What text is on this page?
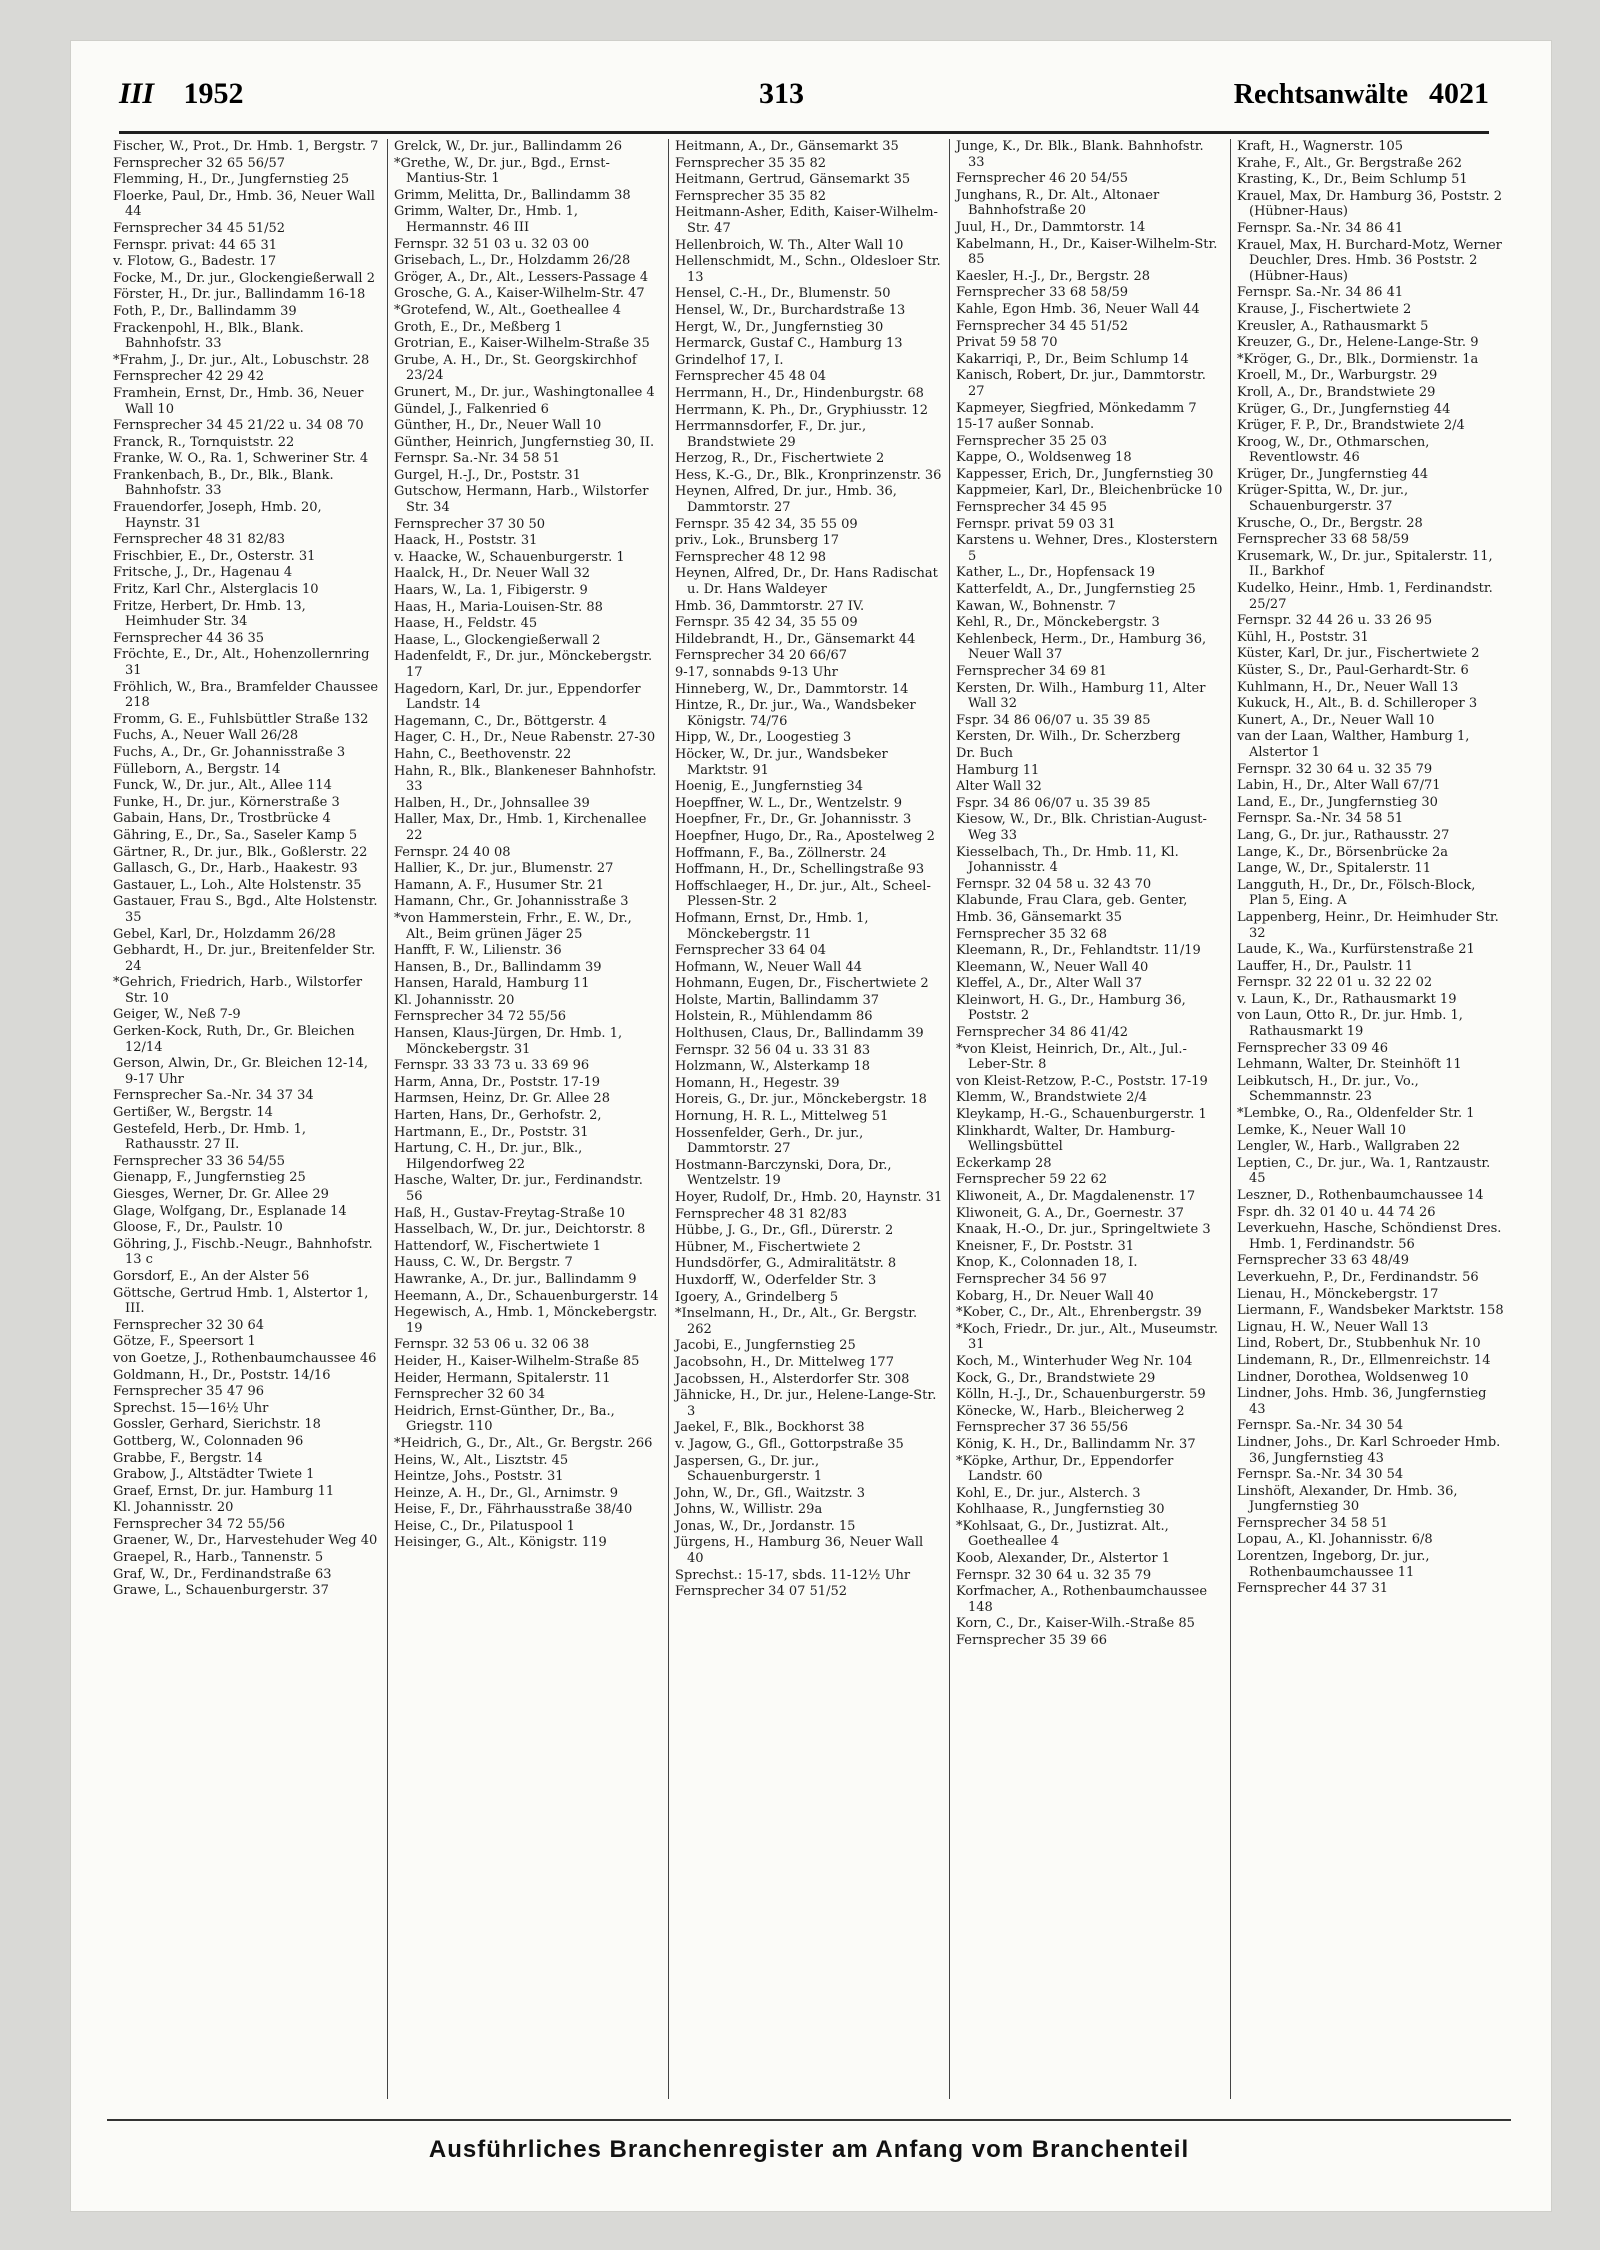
III 1952	313	Rechtsanwälte 4021
Fischer, W., Prot., Dr. Hmb. 1, Bergstr. 7
Fernsprecher 32 65 56/57
Flemming, H., Dr., Jungfernstieg 25
Floerke, Paul, Dr., Hmb. 36, Neuer Wall 44
Fernsprecher 34 45 51/52
Fernspr. privat: 44 65 31
v. Flotow, G., Badestr. 17
Focke, M., Dr. jur., Glockengießerwall 2
Förster, H., Dr. jur., Ballindamm 16-18
Foth, P., Dr., Ballindamm 39
Frackenpohl, H., Blk., Blank. Bahnhofstr. 33
*Frahm, J., Dr. jur., Alt., Lobuschstr. 28
Fernsprecher 42 29 42
Framhein, Ernst, Dr., Hmb. 36, Neuer Wall 10
Fernsprecher 34 45 21/22 u. 34 08 70
Franck, R., Tornquiststr. 22
Franke, W. O., Ra. 1, Schweriner Str. 4
Frankenbach, B., Dr., Blk., Blank. Bahnhofstr. 33
Frauendorfer, Joseph, Hmb. 20, Haynstr. 31
Fernsprecher 48 31 82/83
Frischbier, E., Dr., Osterstr. 31
Fritsche, J., Dr., Hagenau 4
Fritz, Karl Chr., Alsterglacis 10
Fritze, Herbert, Dr. Hmb. 13, Heimhuder Str. 34
Fernsprecher 44 36 35
Fröchte, E., Dr., Alt., Hohenzollernring 31
Fröhlich, W., Bra., Bramfelder Chaussee 218
Fromm, G. E., Fuhlsbüttler Straße 132
Fuchs, A., Neuer Wall 26/28
Fuchs, A., Dr., Gr. Johannisstraße 3
Fülleborn, A., Bergstr. 14
Funck, W., Dr. jur., Alt., Allee 114
Funke, H., Dr. jur., Körnerstraße 3
Gabain, Hans, Dr., Trostbrücke 4
Gähring, E., Dr., Sa., Saseler Kamp 5
Gärtner, R., Dr. jur., Blk., Goßlerstr. 22
Gallasch, G., Dr., Harb., Haakestr. 93
Gastauer, L., Loh., Alte Holstenstr. 35
Gastauer, Frau S., Bgd., Alte Holstenstr. 35
Gebel, Karl, Dr., Holzdamm 26/28
Gebhardt, H., Dr. jur., Breitenfelder Str. 24
*Gehrich, Friedrich, Harb., Wilstorfer Str. 10
Geiger, W., Neß 7-9
Gerken-Kock, Ruth, Dr., Gr. Bleichen 12/14
Gerson, Alwin, Dr., Gr. Bleichen 12-14, 9-17 Uhr
Fernsprecher Sa.-Nr. 34 37 34
Gertißer, W., Bergstr. 14
Gestefeld, Herb., Dr. Hmb. 1, Rathausstr. 27 II.
Fernsprecher 33 36 54/55
Gienapp, F., Jungfernstieg 25
Giesges, Werner, Dr. Gr. Allee 29
Glage, Wolfgang, Dr., Esplanade 14
Gloose, F., Dr., Paulstr. 10
Göhring, J., Fischb.-Neugr., Bahnhofstr. 13 c
Gorsdorf, E., An der Alster 56
Göttsche, Gertrud Hmb. 1, Alstertor 1, III.
Fernsprecher 32 30 64
Götze, F., Speersort 1
von Goetze, J., Rothenbaumchaussee 46
Goldmann, H., Dr., Poststr. 14/16
Fernsprecher 35 47 96
Sprechst. 15—16½ Uhr
Gossler, Gerhard, Sierichstr. 18
Gottberg, W., Colonnaden 96
Grabbe, F., Bergstr. 14
Grabow, J., Altstädter Twiete 1
Graef, Ernst, Dr. jur. Hamburg 11
Kl. Johannisstr. 20
Fernsprecher 34 72 55/56
Graener, W., Dr., Harvestehuder Weg 40
Graepel, R., Harb., Tannenstr. 5
Graf, W., Dr., Ferdinandstraße 63
Grawe, L., Schauenburgerstr. 37
Grelck, W., Dr. jur., Ballindamm 26
*Grethe, W., Dr. jur., Bgd., Ernst-Mantius-Str. 1
Grimm, Melitta, Dr., Ballindamm 38
Grimm, Walter, Dr., Hmb. 1, Hermannstr. 46 III
Fernspr. 32 51 03 u. 32 03 00
Grisebach, L., Dr., Holzdamm 26/28
Gröger, A., Dr., Alt., Lessers-Passage 4
Grosche, G. A., Kaiser-Wilhelm-Str. 47
*Grotefend, W., Alt., Goetheallee 4
Groth, E., Dr., Meßberg 1
Grotrian, E., Kaiser-Wilhelm-Straße 35
Grube, A. H., Dr., St. Georgskirchhof 23/24
Grunert, M., Dr. jur., Washingtonallee 4
Gündel, J., Falkenried 6
Günther, H., Dr., Neuer Wall 10
Günther, Heinrich, Jungfernstieg 30, II.
Fernspr. Sa.-Nr. 34 58 51
Gurgel, H.-J., Dr., Poststr. 31
Gutschow, Hermann, Harb., Wilstorfer Str. 34
Fernsprecher 37 30 50
Haack, H., Poststr. 31
v. Haacke, W., Schauenburgerstr. 1
Haalck, H., Dr. Neuer Wall 32
Haars, W., La. 1, Fibigerstr. 9
Haas, H., Maria-Louisen-Str. 88
Haase, H., Feldstr. 45
Haase, L., Glockengießerwall 2
Hadenfeldt, F., Dr. jur., Mönckebergstr. 17
Hagedorn, Karl, Dr. jur., Eppendorfer Landstr. 14
Hagemann, C., Dr., Böttgerstr. 4
Hager, C. H., Dr., Neue Rabenstr. 27-30
Hahn, C., Beethovenstr. 22
Hahn, R., Blk., Blankeneser Bahnhofstr. 33
Halben, H., Dr., Johnsallee 39
Haller, Max, Dr., Hmb. 1, Kirchenallee 22
Fernspr. 24 40 08
Hallier, K., Dr. jur., Blumenstr. 27
Hamann, A. F., Husumer Str. 21
Hamann, Chr., Gr. Johannisstraße 3
*von Hammerstein, Frhr., E. W., Dr., Alt., Beim grünen Jäger 25
Hanfft, F. W., Lilienstr. 36
Hansen, B., Dr., Ballindamm 39
Hansen, Harald, Hamburg 11
Kl. Johannisstr. 20
Fernsprecher 34 72 55/56
Hansen, Klaus-Jürgen, Dr. Hmb. 1, Mönckebergstr. 31
Fernspr. 33 33 73 u. 33 69 96
Harm, Anna, Dr., Poststr. 17-19
Harmsen, Heinz, Dr. Gr. Allee 28
Harten, Hans, Dr., Gerhofstr. 2,
Hartmann, E., Dr., Poststr. 31
Hartung, C. H., Dr. jur., Blk., Hilgendorfweg 22
Hasche, Walter, Dr. jur., Ferdinandstr. 56
Haß, H., Gustav-Freytag-Straße 10
Hasselbach, W., Dr. jur., Deichtorstr. 8
Hattendorf, W., Fischertwiete 1
Hauss, C. W., Dr. Bergstr. 7
Hawranke, A., Dr. jur., Ballindamm 9
Heemann, A., Dr., Schauenburgerstr. 14
Hegewisch, A., Hmb. 1, Mönckebergstr. 19
Fernspr. 32 53 06 u. 32 06 38
Heider, H., Kaiser-Wilhelm-Straße 85
Heider, Hermann, Spitalerstr. 11
Fernsprecher 32 60 34
Heidrich, Ernst-Günther, Dr., Ba., Griegstr. 110
*Heidrich, G., Dr., Alt., Gr. Bergstr. 266
Heins, W., Alt., Lisztstr. 45
Heintze, Johs., Poststr. 31
Heinze, A. H., Dr., Gl., Arnimstr. 9
Heise, F., Dr., Fährhausstraße 38/40
Heise, C., Dr., Pilatuspool 1
Heisinger, G., Alt., Königstr. 119
Heitmann, A., Dr., Gänsemarkt 35
Fernsprecher 35 35 82
Heitmann, Gertrud, Gänsemarkt 35
Fernsprecher 35 35 82
Heitmann-Asher, Edith, Kaiser-Wilhelm-Str. 47
Hellenbroich, W. Th., Alter Wall 10
Hellenschmidt, M., Schn., Oldesloer Str. 13
Hensel, C.-H., Dr., Blumenstr. 50
Hensel, W., Dr., Burchardstraße 13
Hergt, W., Dr., Jungfernstieg 30
Hermarck, Gustaf C., Hamburg 13
Grindelhof 17, I.
Fernsprecher 45 48 04
Herrmann, H., Dr., Hindenburgstr. 68
Herrmann, K. Ph., Dr., Gryphiusstr. 12
Herrmannsdorfer, F., Dr. jur., Brandstwiete 29
Herzog, R., Dr., Fischertwiete 2
Hess, K.-G., Dr., Blk., Kronprinzenstr. 36
Heynen, Alfred, Dr. jur., Hmb. 36, Dammtorstr. 27
Fernspr. 35 42 34, 35 55 09
priv., Lok., Brunsberg 17
Fernsprecher 48 12 98
Heynen, Alfred, Dr., Dr. Hans Radischat u. Dr. Hans Waldeyer
Hmb. 36, Dammtorstr. 27 IV.
Fernspr. 35 42 34, 35 55 09
Hildebrandt, H., Dr., Gänsemarkt 44
Fernsprecher 34 20 66/67
9-17, sonnabds 9-13 Uhr
Hinneberg, W., Dr., Dammtorstr. 14
Hintze, R., Dr. jur., Wa., Wandsbeker Königstr. 74/76
Hipp, W., Dr., Loogestieg 3
Höcker, W., Dr. jur., Wandsbeker Marktstr. 91
Hoenig, E., Jungfernstieg 34
Hoepffner, W. L., Dr., Wentzelstr. 9
Hoepfner, Fr., Dr., Gr. Johannisstr. 3
Hoepfner, Hugo, Dr., Ra., Apostelweg 2
Hoffmann, F., Ba., Zöllnerstr. 24
Hoffmann, H., Dr., Schellingstraße 93
Hoffschlaeger, H., Dr. jur., Alt., Scheel-Plessen-Str. 2
Hofmann, Ernst, Dr., Hmb. 1, Mönckebergstr. 11
Fernsprecher 33 64 04
Hofmann, W., Neuer Wall 44
Hohmann, Eugen, Dr., Fischertwiete 2
Holste, Martin, Ballindamm 37
Holstein, R., Mühlendamm 86
Holthusen, Claus, Dr., Ballindamm 39
Fernspr. 32 56 04 u. 33 31 83
Holzmann, W., Alsterkamp 18
Homann, H., Hegestr. 39
Horeis, G., Dr. jur., Mönckebergstr. 18
Hornung, H. R. L., Mittelweg 51
Hossenfelder, Gerh., Dr. jur., Dammtorstr. 27
Hostmann-Barczynski, Dora, Dr., Wentzelstr. 19
Hoyer, Rudolf, Dr., Hmb. 20, Haynstr. 31
Fernsprecher 48 31 82/83
Hübbe, J. G., Dr., Gfl., Dürerstr. 2
Hübner, M., Fischertwiete 2
Hundsdörfer, G., Admiralitätstr. 8
Huxdorff, W., Oderfelder Str. 3
Igoery, A., Grindelberg 5
*Inselmann, H., Dr., Alt., Gr. Bergstr. 262
Jacobi, E., Jungfernstieg 25
Jacobsohn, H., Dr. Mittelweg 177
Jacobssen, H., Alsterdorfer Str. 308
Jähnicke, H., Dr. jur., Helene-Lange-Str. 3
Jaekel, F., Blk., Bockhorst 38
v. Jagow, G., Gfl., Gottorpstraße 35
Jaspersen, G., Dr. jur., Schauenburgerstr. 1
John, W., Dr., Gfl., Waitzstr. 3
Johns, W., Willistr. 29a
Jonas, W., Dr., Jordanstr. 15
Jürgens, H., Hamburg 36, Neuer Wall 40
Sprechst.: 15-17, sbds. 11-12½ Uhr
Fernsprecher 34 07 51/52
Junge, K., Dr. Blk., Blank. Bahnhofstr. 33
Fernsprecher 46 20 54/55
Junghans, R., Dr. Alt., Altonaer Bahnhofstraße 20
Juul, H., Dr., Dammtorstr. 14
Kabelmann, H., Dr., Kaiser-Wilhelm-Str. 85
Kaesler, H.-J., Dr., Bergstr. 28
Fernsprecher 33 68 58/59
Kahle, Egon Hmb. 36, Neuer Wall 44
Fernsprecher 34 45 51/52
Privat 59 58 70
Kakarriqi, P., Dr., Beim Schlump 14
Kanisch, Robert, Dr. jur., Dammtorstr. 27
Kapmeyer, Siegfried, Mönkedamm 7
15-17 außer Sonnab.
Fernsprecher 35 25 03
Kappe, O., Woldsenweg 18
Kappesser, Erich, Dr., Jungfernstieg 30
Kappmeier, Karl, Dr., Bleichenbrücke 10
Fernsprecher 34 45 95
Fernspr. privat 59 03 31
Karstens u. Wehner, Dres., Klosterstern 5
Kather, L., Dr., Hopfensack 19
Katterfeldt, A., Dr., Jungfernstieg 25
Kawan, W., Bohnenstr. 7
Kehl, R., Dr., Mönckebergstr. 3
Kehlenbeck, Herm., Dr., Hamburg 36, Neuer Wall 37
Fernsprecher 34 69 81
Kersten, Dr. Wilh., Hamburg 11, Alter Wall 32
Fspr. 34 86 06/07 u. 35 39 85
Kersten, Dr. Wilh., Dr. Scherzberg
Dr. Buch
Hamburg 11
Alter Wall 32
Fspr. 34 86 06/07 u. 35 39 85
Kiesow, W., Dr., Blk. Christian-August-Weg 33
Kiesselbach, Th., Dr. Hmb. 11, Kl. Johannisstr. 4
Fernspr. 32 04 58 u. 32 43 70
Klabunde, Frau Clara, geb. Genter,
Hmb. 36, Gänsemarkt 35
Fernsprecher 35 32 68
Kleemann, R., Dr., Fehlandtstr. 11/19
Kleemann, W., Neuer Wall 40
Kleffel, A., Dr., Alter Wall 37
Kleinwort, H. G., Dr., Hamburg 36, Poststr. 2
Fernsprecher 34 86 41/42
*von Kleist, Heinrich, Dr., Alt., Jul.-Leber-Str. 8
von Kleist-Retzow, P.-C., Poststr. 17-19
Klemm, W., Brandstwiete 2/4
Kleykamp, H.-G., Schauenburgerstr. 1
Klinkhardt, Walter, Dr. Hamburg-Wellingsbüttel
Eckerkamp 28
Fernsprecher 59 22 62
Kliwoneit, A., Dr. Magdalenenstr. 17
Kliwoneit, G. A., Dr., Goernestr. 37
Knaak, H.-O., Dr. jur., Springeltwiete 3
Kneisner, F., Dr. Poststr. 31
Knop, K., Colonnaden 18, I.
Fernsprecher 34 56 97
Kobarg, H., Dr. Neuer Wall 40
*Kober, C., Dr., Alt., Ehrenbergstr. 39
*Koch, Friedr., Dr. jur., Alt., Museumstr. 31
Koch, M., Winterhuder Weg Nr. 104
Kock, G., Dr., Brandstwiete 29
Kölln, H.-J., Dr., Schauenburgerstr. 59
Könecke, W., Harb., Bleicherweg 2
Fernsprecher 37 36 55/56
König, K. H., Dr., Ballindamm Nr. 37
*Köpke, Arthur, Dr., Eppendorfer Landstr. 60
Kohl, E., Dr. jur., Alsterch. 3
Kohlhaase, R., Jungfernstieg 30
*Kohlsaat, G., Dr., Justizrat. Alt., Goetheallee 4
Koob, Alexander, Dr., Alstertor 1
Fernspr. 32 30 64 u. 32 35 79
Korfmacher, A., Rothenbaumchaussee 148
Korn, C., Dr., Kaiser-Wilh.-Straße 85
Fernsprecher 35 39 66
Kraft, H., Wagnerstr. 105
Krahe, F., Alt., Gr. Bergstraße 262
Krasting, K., Dr., Beim Schlump 51
Krauel, Max, Dr. Hamburg 36, Poststr. 2 (Hübner-Haus)
Fernspr. Sa.-Nr. 34 86 41
Krauel, Max, H. Burchard-Motz, Werner Deuchler, Dres. Hmb. 36 Poststr. 2 (Hübner-Haus)
Fernspr. Sa.-Nr. 34 86 41
Krause, J., Fischertwiete 2
Kreusler, A., Rathausmarkt 5
Kreuzer, G., Dr., Helene-Lange-Str. 9
*Kröger, G., Dr., Blk., Dormienstr. 1a
Kroell, M., Dr., Warburgstr. 29
Kroll, A., Dr., Brandstwiete 29
Krüger, G., Dr., Jungfernstieg 44
Krüger, F. P., Dr., Brandstwiete 2/4
Kroog, W., Dr., Othmarschen, Reventlowstr. 46
Krüger, Dr., Jungfernstieg 44
Krüger-Spitta, W., Dr. jur., Schauenburgerstr. 37
Krusche, O., Dr., Bergstr. 28
Fernsprecher 33 68 58/59
Krusemark, W., Dr. jur., Spitalerstr. 11, II., Barkhof
Kudelko, Heinr., Hmb. 1, Ferdinandstr. 25/27
Fernspr. 32 44 26 u. 33 26 95
Kühl, H., Poststr. 31
Küster, Karl, Dr. jur., Fischertwiete 2
Küster, S., Dr., Paul-Gerhardt-Str. 6
Kuhlmann, H., Dr., Neuer Wall 13
Kukuck, H., Alt., B. d. Schilleroper 3
Kunert, A., Dr., Neuer Wall 10
van der Laan, Walther, Hamburg 1, Alstertor 1
Fernspr. 32 30 64 u. 32 35 79
Labin, H., Dr., Alter Wall 67/71
Land, E., Dr., Jungfernstieg 30
Fernspr. Sa.-Nr. 34 58 51
Lang, G., Dr. jur., Rathausstr. 27
Lange, K., Dr., Börsenbrücke 2a
Lange, W., Dr., Spitalerstr. 11
Langguth, H., Dr., Dr., Fölsch-Block, Plan 5, Eing. A
Lappenberg, Heinr., Dr. Heimhuder Str. 32
Laude, K., Wa., Kurfürstenstraße 21
Lauffer, H., Dr., Paulstr. 11
Fernspr. 32 22 01 u. 32 22 02
v. Laun, K., Dr., Rathausmarkt 19
von Laun, Otto R., Dr. jur. Hmb. 1, Rathausmarkt 19
Fernsprecher 33 09 46
Lehmann, Walter, Dr. Steinhöft 11
Leibkutsch, H., Dr. jur., Vo., Schemmannstr. 23
*Lembke, O., Ra., Oldenfelder Str. 1
Lemke, K., Neuer Wall 10
Lengler, W., Harb., Wallgraben 22
Leptien, C., Dr. jur., Wa. 1, Rantzaustr. 45
Leszner, D., Rothenbaumchaussee 14
Fspr. dh. 32 01 40 u. 44 74 26
Leverkuehn, Hasche, Schöndienst Dres. Hmb. 1, Ferdinandstr. 56
Fernsprecher 33 63 48/49
Leverkuehn, P., Dr., Ferdinandstr. 56
Lienau, H., Mönckebergstr. 17
Liermann, F., Wandsbeker Marktstr. 158
Lignau, H. W., Neuer Wall 13
Lind, Robert, Dr., Stubbenhuk Nr. 10
Lindemann, R., Dr., Ellmenreichstr. 14
Lindner, Dorothea, Woldsenweg 10
Lindner, Johs. Hmb. 36, Jungfernstieg 43
Fernspr. Sa.-Nr. 34 30 54
Lindner, Johs., Dr. Karl Schroeder Hmb. 36, Jungfernstieg 43
Fernspr. Sa.-Nr. 34 30 54
Linshöft, Alexander, Dr. Hmb. 36, Jungfernstieg 30
Fernsprecher 34 58 51
Lopau, A., Kl. Johannisstr. 6/8
Lorentzen, Ingeborg, Dr. jur., Rothenbaumchaussee 11
Fernsprecher 44 37 31
Ausführliches Branchenregister am Anfang vom Branchenteil
